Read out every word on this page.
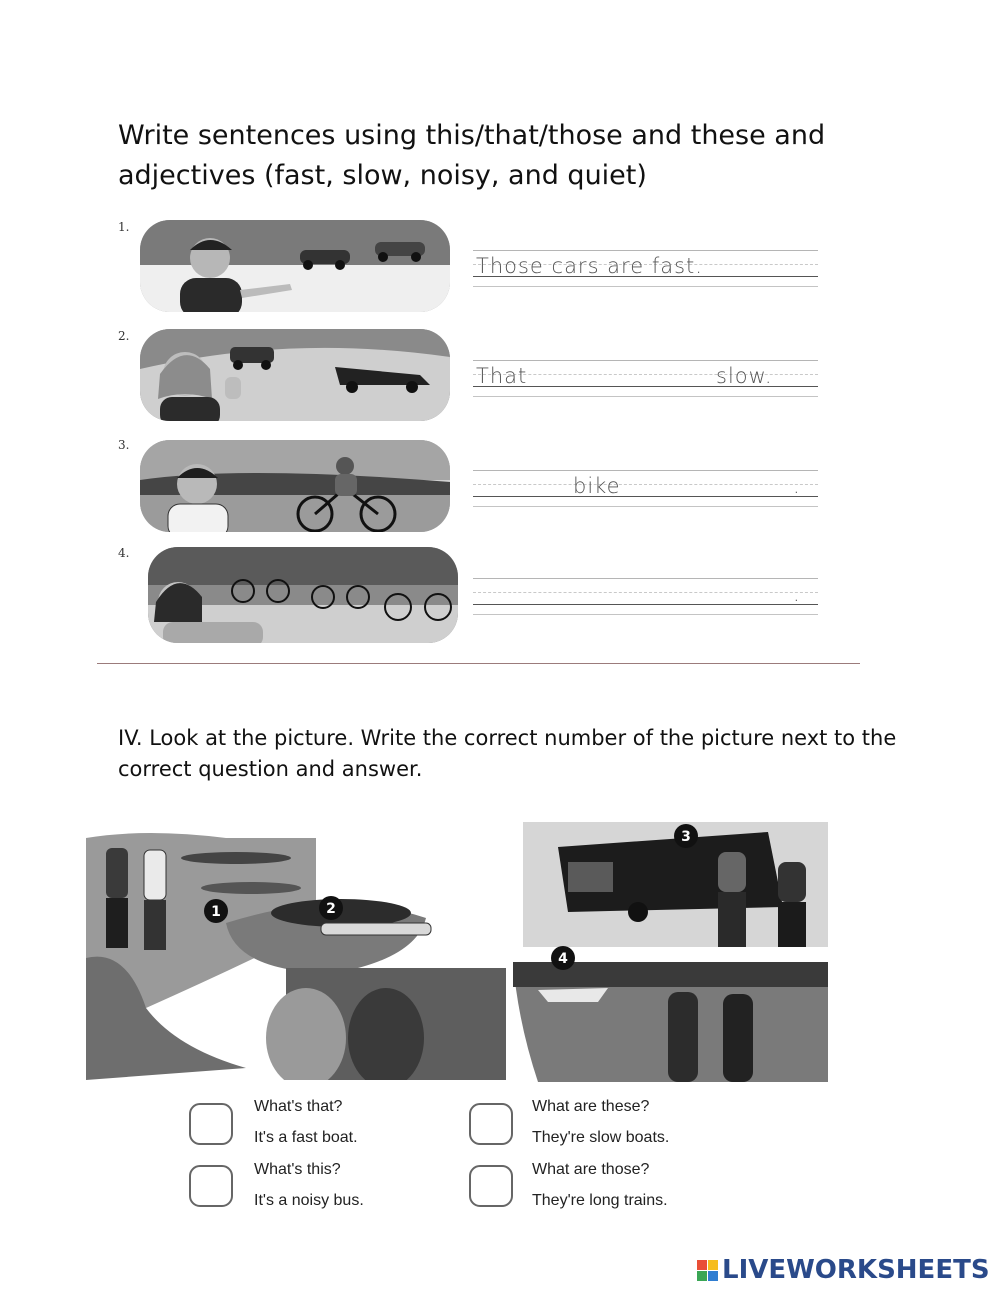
Write sentences using this/that/those and these and adjectives (fast, slow, noisy, and quiet)
1.
Those cars are fast.
2.
That	slow.
3.
bike	.
4.
.
IV. Look at the picture. Write the correct number of the picture next to the correct question and answer.
1	2
3
4
What's that?
It's a fast boat.
What are these?
They're slow boats.
What's this?
It's a noisy bus.
What are those?
They're long trains.
LIVEWORKSHEETS
